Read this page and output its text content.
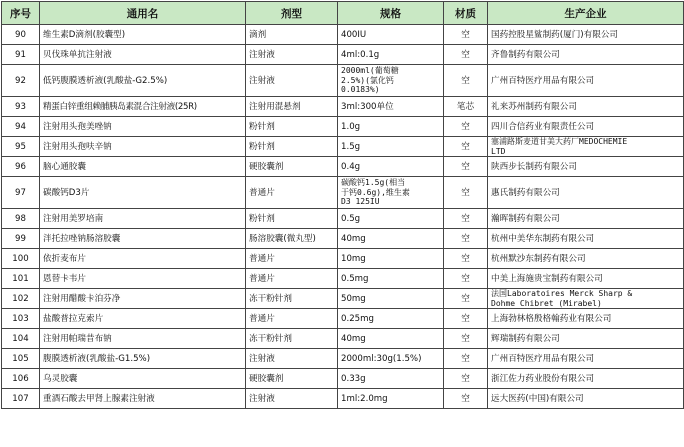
序号	通用名	剂型	规格	材质	生产企业
90	维生素D滴剂(胶囊型)	滴剂	400IU	空	国药控股星鲨制药(厦门)有限公司
91	贝伐珠单抗注射液	注射液	4ml:0.1g	空	齐鲁制药有限公司
92	低钙腹膜透析液(乳酸盐-G2.5%)	注射液	2000ml(葡萄糖
2.5%)(氯化钙
0.0183%)	空	广州百特医疗用品有限公司
93	精蛋白锌重组赖脯胰岛素混合注射液(25R)	注射用混悬剂	3ml:300单位	笔芯	礼来苏州制药有限公司
94	注射用头孢美唑钠	粉针剂	1.0g	空	四川合信药业有限责任公司
95	注射用头孢呋辛钠	粉针剂	1.5g	空	塞浦路斯麦道甘美大药厂MEDOCHEMIE
LTD
96	脑心通胶囊	硬胶囊剂	0.4g	空	陕西步长制药有限公司
97	碳酸钙D3片	普通片	碳酸钙1.5g(相当
于钙0.6g),维生素
D3 125IU	空	惠氏制药有限公司
98	注射用美罗培南	粉针剂	0.5g	空	瀚晖制药有限公司
99	泮托拉唑钠肠溶胶囊	肠溶胶囊(微丸型)	40mg	空	杭州中美华东制药有限公司
100	依折麦布片	普通片	10mg	空	杭州默沙东制药有限公司
101	恩替卡韦片	普通片	0.5mg	空	中美上海施贵宝制药有限公司
102	注射用醋酸卡泊芬净	冻干粉针剂	50mg	空	法国Laboratoires Merck Sharp &
Dohme Chibret (Mirabel)
103	盐酸普拉克索片	普通片	0.25mg	空	上海勃林格殷格翰药业有限公司
104	注射用帕瑞昔布钠	冻干粉针剂	40mg	空	辉瑞制药有限公司
105	腹膜透析液(乳酸盐-G1.5%)	注射液	2000ml:30g(1.5%)	空	广州百特医疗用品有限公司
106	乌灵胶囊	硬胶囊剂	0.33g	空	浙江佐力药业股份有限公司
107	重酒石酸去甲肾上腺素注射液	注射液	1ml:2.0mg	空	远大医药(中国)有限公司
